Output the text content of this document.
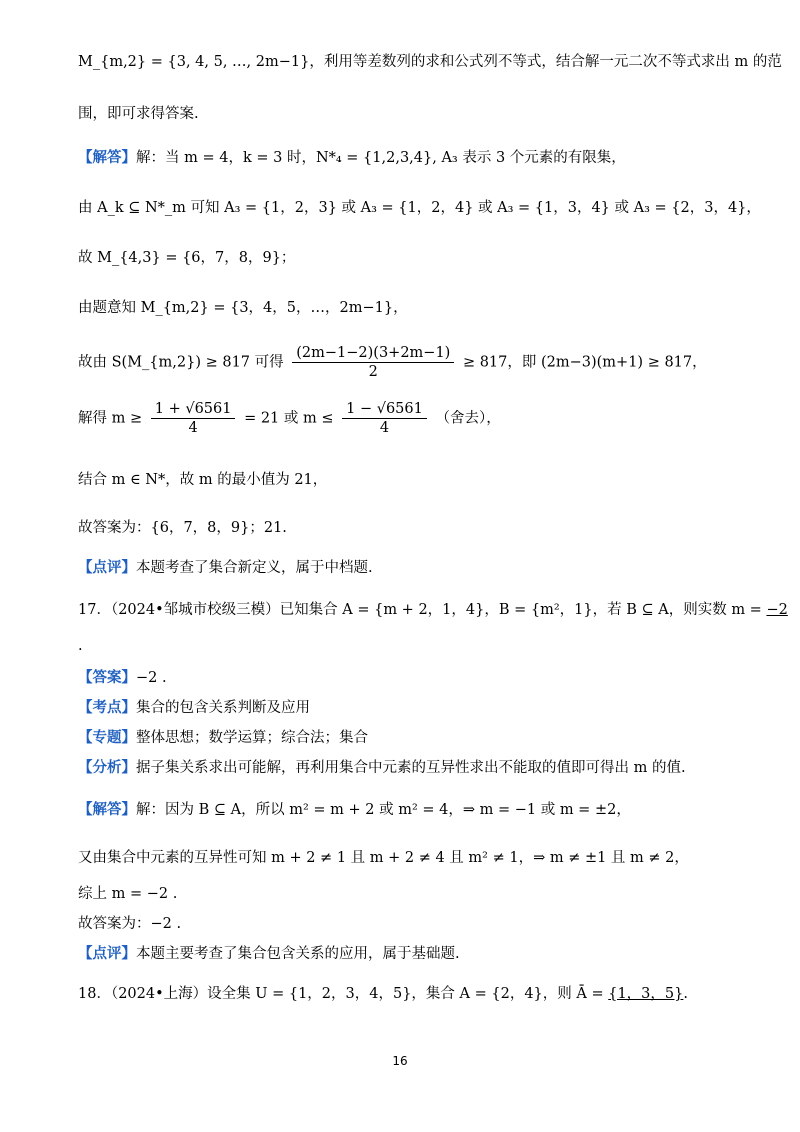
M_{m,2} = {3, 4, 5, …, 2m−1}，利用等差数列的求和公式列不等式，结合解一元二次不等式求出 m 的范
围，即可求得答案.
【解答】解：当 m = 4，k = 3 时，N*₄ = {1,2,3,4}, A₃ 表示 3 个元素的有限集，
由 A_k ⊆ N*_m 可知 A₃ = {1，2，3} 或 A₃ = {1，2，4} 或 A₃ = {1，3，4} 或 A₃ = {2，3，4}，
故 M_{4,3} = {6，7，8，9}；
由题意知 M_{m,2} = {3，4，5，…，2m−1}，
故由 S(M_{m,2}) ≥ 817 可得 $\frac{(2m-1-2)(3+2m-1)}{2} \ge 817$，即 (2m−3)(m+1) ≥ 817，
解得 $m \ge \frac{1 + √6561}{4} = 21$ 或 $m \le \frac{1 - √6561}{4}$ （舍去），
结合 m ∈ N*，故 m 的最小值为 21，
故答案为：{6，7，8，9}；21.
【点评】本题考查了集合新定义，属于中档题.
17．（2024•邹城市校级三模）已知集合 A = {m + 2，1，4}，B = {m²，1}，若 B ⊆ A，则实数 m = −2
.
【答案】−2 .
【考点】集合的包含关系判断及应用
【专题】整体思想；数学运算；综合法；集合
【分析】据子集关系求出可能解，再利用集合中元素的互异性求出不能取的值即可得出 m 的值.
【解答】解：因为 B ⊆ A，所以 m² = m + 2 或 m² = 4，⇒ m = −1 或 m = ±2，
又由集合中元素的互异性可知 m + 2 ≠ 1 且 m + 2 ≠ 4 且 m² ≠ 1，⇒ m ≠ ±1 且 m ≠ 2，
综上 m = −2 .
故答案为：−2 .
【点评】本题主要考查了集合包含关系的应用，属于基础题.
18．（2024•上海）设全集 U = {1，2，3，4，5}，集合 A = {2，4}，则 Ā = {1，3，5}.
16
